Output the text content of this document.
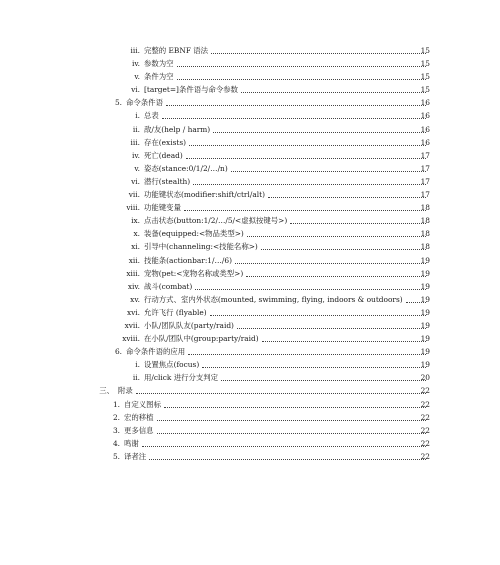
iii. 完整的 EBNF 语法	15
iv. 参数为空	15
v. 条件为空	15
vi. [target=]条件语与命令参数	15
5. 命令条件语	16
i. 总表	16
ii. 敌/友(help / harm)	16
iii. 存在(exists)	16
iv. 死亡(dead)	17
v. 姿态(stance:0/1/2/…/n)	17
vi. 潜行(stealth)	17
vii. 功能键状态(modifier:shift/ctrl/alt)	17
viii. 功能键变量	18
ix. 点击状态(button:1/2/…/5/<虚拟按键号>)	18
x. 装备(equipped:<物品类型>)	18
xi. 引导中(channeling:<技能名称>)	18
xii. 技能条(actionbar:1/…/6)	19
xiii. 宠物(pet:<宠物名称或类型>)	19
xiv. 战斗(combat)	19
xv. 行动方式、室内外状态(mounted, swimming, flying, indoors & outdoors)	19
xvi. 允许飞行 (flyable)	19
xvii. 小队/团队队友(party/raid)	19
xviii. 在小队/团队中(group:party/raid)	19
6. 命令条件语的应用	19
i. 设置焦点(focus)	19
ii. 用/click 进行分支判定	20
三、 附录	22
1. 自定义图标	22
2. 宏的移植	22
3. 更多信息	22
4. 鸣谢	22
5. 译者注	22
